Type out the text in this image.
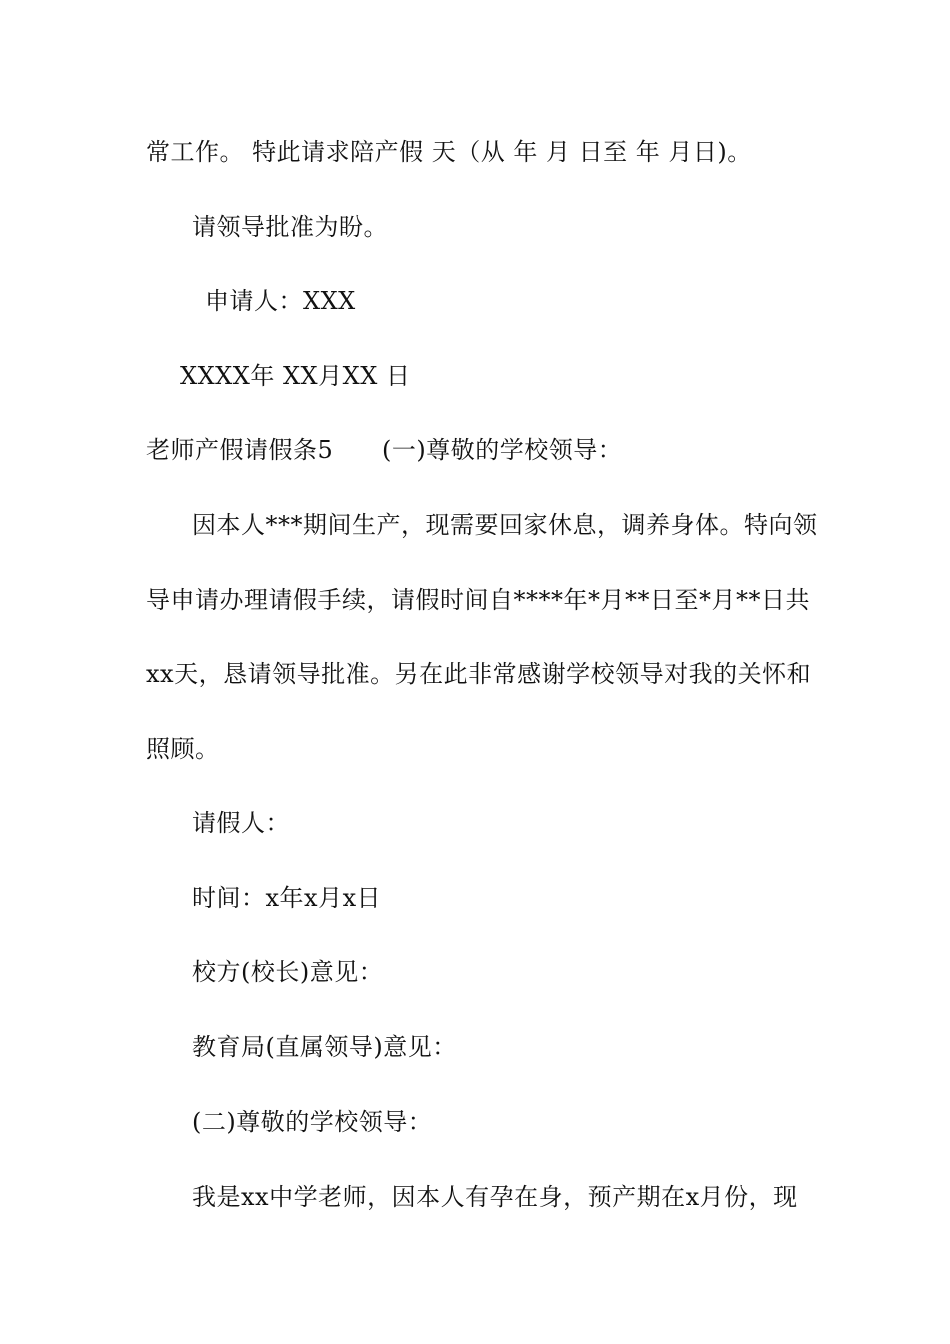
常工作。 特此请求陪产假 天（从 年 月 日至 年 月日)。
请领导批准为盼。
申请人：XXX
XXXX年 XX月XX 日
老师产假请假条5      (一)尊敬的学校领导：
因本人***期间生产，现需要回家休息，调养身体。特向领
导申请办理请假手续，请假时间自****年*月**日至*月**日共
xx天，恳请领导批准。另在此非常感谢学校领导对我的关怀和
照顾。
请假人：
时间：x年x月x日
校方(校长)意见：
教育局(直属领导)意见：
(二)尊敬的学校领导：
我是xx中学老师，因本人有孕在身，预产期在x月份，现
